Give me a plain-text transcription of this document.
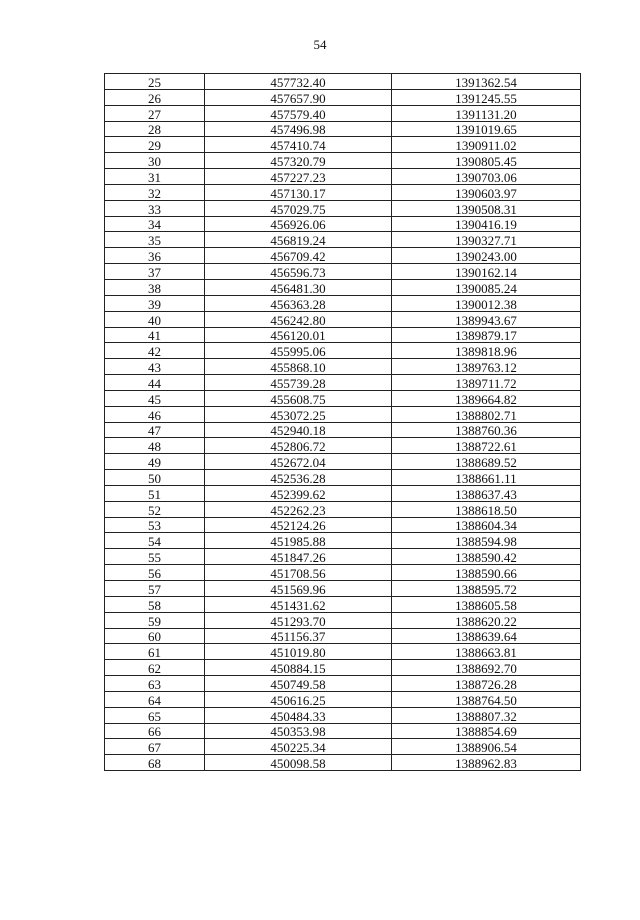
54
25	457732.40	1391362.54
26	457657.90	1391245.55
27	457579.40	1391131.20
28	457496.98	1391019.65
29	457410.74	1390911.02
30	457320.79	1390805.45
31	457227.23	1390703.06
32	457130.17	1390603.97
33	457029.75	1390508.31
34	456926.06	1390416.19
35	456819.24	1390327.71
36	456709.42	1390243.00
37	456596.73	1390162.14
38	456481.30	1390085.24
39	456363.28	1390012.38
40	456242.80	1389943.67
41	456120.01	1389879.17
42	455995.06	1389818.96
43	455868.10	1389763.12
44	455739.28	1389711.72
45	455608.75	1389664.82
46	453072.25	1388802.71
47	452940.18	1388760.36
48	452806.72	1388722.61
49	452672.04	1388689.52
50	452536.28	1388661.11
51	452399.62	1388637.43
52	452262.23	1388618.50
53	452124.26	1388604.34
54	451985.88	1388594.98
55	451847.26	1388590.42
56	451708.56	1388590.66
57	451569.96	1388595.72
58	451431.62	1388605.58
59	451293.70	1388620.22
60	451156.37	1388639.64
61	451019.80	1388663.81
62	450884.15	1388692.70
63	450749.58	1388726.28
64	450616.25	1388764.50
65	450484.33	1388807.32
66	450353.98	1388854.69
67	450225.34	1388906.54
68	450098.58	1388962.83
